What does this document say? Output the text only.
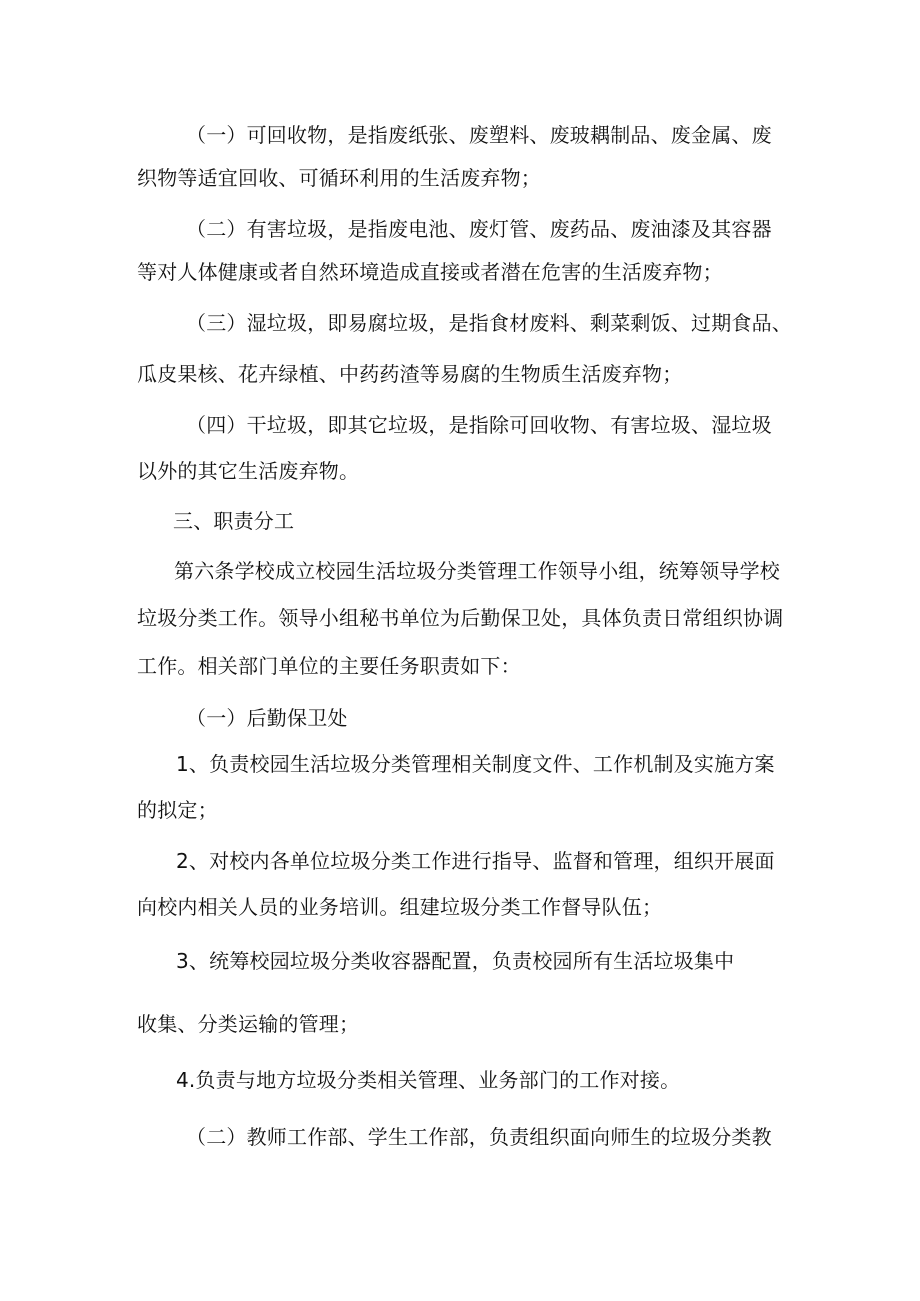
（一）可回收物，是指废纸张、废塑料、废玻耦制品、废金属、废

织物等适宜回收、可循环利用的生活废弃物；

（二）有害垃圾，是指废电池、废灯管、废药品、废油漆及其容器

等对人体健康或者自然环境造成直接或者潜在危害的生活废弃物；

（三）湿垃圾，即易腐垃圾，是指食材废料、剩菜剩饭、过期食品、

瓜皮果核、花卉绿植、中药药渣等易腐的生物质生活废弃物；

（四）干垃圾，即其它垃圾，是指除可回收物、有害垃圾、湿垃圾

以外的其它生活废弃物。

三、职责分工

第六条学校成立校园生活垃圾分类管理工作领导小组，统筹领导学校

垃圾分类工作。领导小组秘书单位为后勤保卫处，具体负责日常组织协调

工作。相关部门单位的主要任务职责如下：

（一）后勤保卫处

1、负责校园生活垃圾分类管理相关制度文件、工作机制及实施方案

的拟定；

2、对校内各单位垃圾分类工作进行指导、监督和管理，组织开展面

向校内相关人员的业务培训。组建垃圾分类工作督导队伍；

3、统筹校园垃圾分类收容器配置，负责校园所有生活垃圾集中

收集、分类运输的管理；

4.负责与地方垃圾分类相关管理、业务部门的工作对接。

（二）教师工作部、学生工作部，负责组织面向师生的垃圾分类教
